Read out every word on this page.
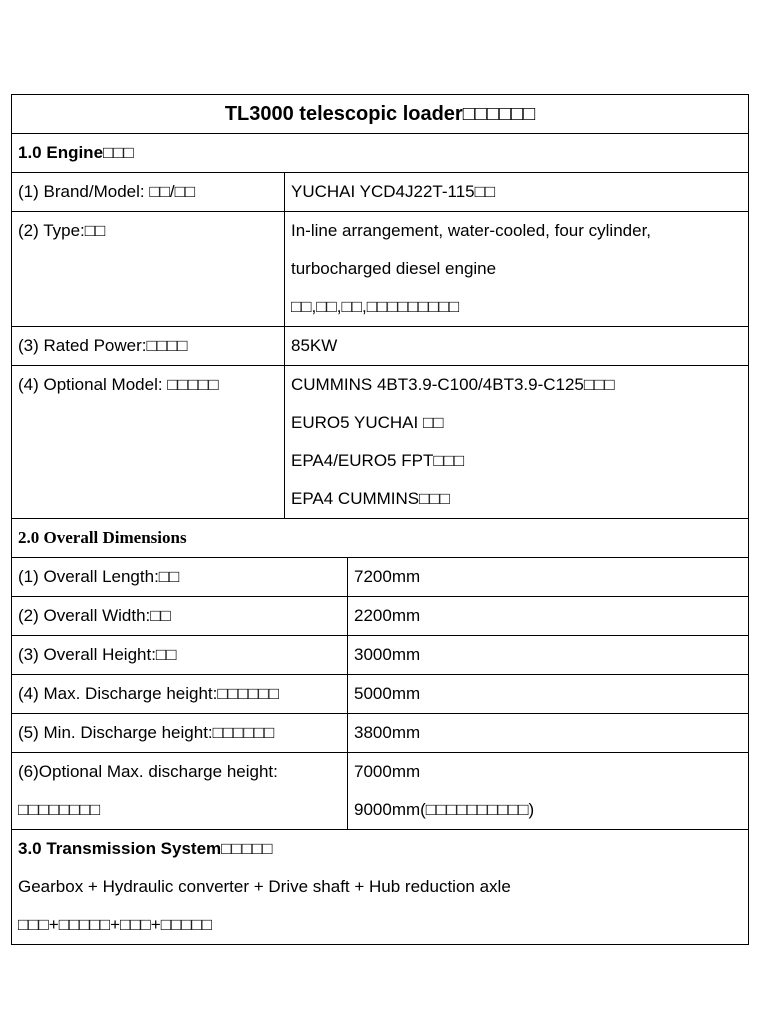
TL3000 telescopic loader□□□□□□		
1.0 Engine□□□		

(1) Brand/Model: □□/□□	YUCHAI YCD4J22T-115□□	

(2) Type:□□	In-line arrangement, water-cooled, four cylinder,
turbocharged diesel engine
□□,□□,□□,□□□□□□□□□	

(3) Rated Power:□□□□	85KW	

(4) Optional Model: □□□□□	CUMMINS 4BT3.9-C100/4BT3.9-C125□□□
EURO5 YUCHAI □□
EPA4/EURO5 FPT□□□
EPA4 CUMMINS□□□	

2.0 Overall Dimensions		

(1) Overall Length:□□		7200mm

(2) Overall Width:□□		2200mm

(3) Overall Height:□□		3000mm

(4) Max. Discharge height:□□□□□□		5000mm

(5) Min. Discharge height:□□□□□□		3800mm

(6)Optional Max. discharge height:
□□□□□□□□		7000mm
9000mm(□□□□□□□□□□)

3.0 Transmission System□□□□□
Gearbox + Hydraulic converter + Drive shaft + Hub reduction axle
□□□+□□□□□+□□□+□□□□□		
